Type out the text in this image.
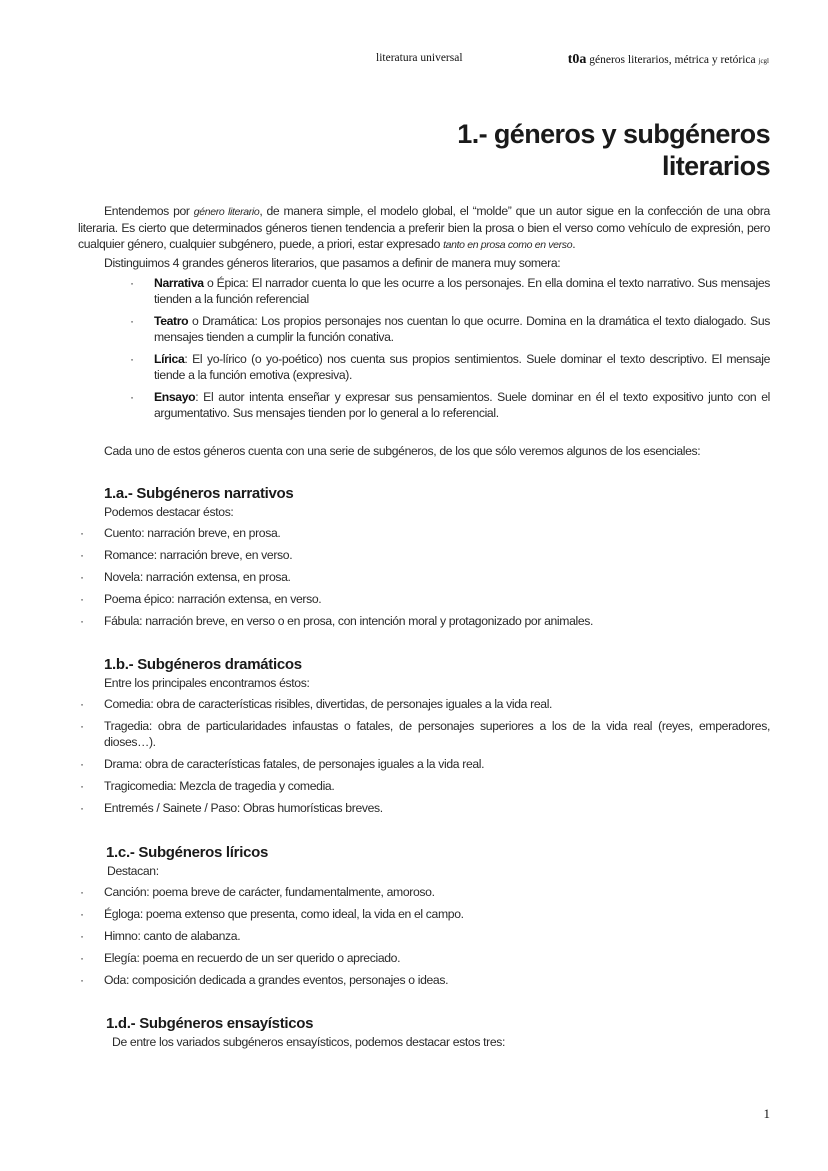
literatura universal	t0a géneros literarios, métrica y retórica jcgl
1.- géneros y subgéneros
literarios

Entendemos por género literario, de manera simple, el modelo global, el “molde” que un autor sigue en la confección de una obra literaria. Es cierto que determinados géneros tienen tendencia a preferir bien la prosa o bien el verso como vehículo de expresión, pero cualquier género, cualquier subgénero, puede, a priori, estar expresado tanto en prosa como en verso.

Distinguimos 4 grandes géneros literarios, que pasamos a definir de manera muy somera:

· Narrativa o Épica: El narrador cuenta lo que les ocurre a los personajes. En ella domina el texto narrativo. Sus mensajes tienden a la función referencial
· Teatro o Dramática: Los propios personajes nos cuentan lo que ocurre. Domina en la dramática el texto dialogado. Sus mensajes tienden a cumplir la función conativa.
· Lírica: El yo-lírico (o yo-poético) nos cuenta sus propios sentimientos. Suele dominar el texto descriptivo. El mensaje tiende a la función emotiva (expresiva).
· Ensayo: El autor intenta enseñar y expresar sus pensamientos. Suele dominar en él el texto expositivo junto con el argumentativo. Sus mensajes tienden por lo general a lo referencial.

Cada uno de estos géneros cuenta con una serie de subgéneros, de los que sólo veremos algunos de los esenciales:

1.a.- Subgéneros narrativos
Podemos destacar éstos:
· Cuento: narración breve, en prosa.
· Romance: narración breve, en verso.
· Novela: narración extensa, en prosa.
· Poema épico: narración extensa, en verso.
· Fábula: narración breve, en verso o en prosa, con intención moral y protagonizado por animales.
1.b.- Subgéneros dramáticos
Entre los principales encontramos éstos:
· Comedia: obra de características risibles, divertidas, de personajes iguales a la vida real.
· Tragedia: obra de particularidades infaustas o fatales, de personajes superiores a los de la vida real (reyes, emperadores, dioses…).
· Drama: obra de características fatales, de personajes iguales a la vida real.
· Tragicomedia: Mezcla de tragedia y comedia.
· Entremés / Sainete / Paso: Obras humorísticas breves.
1.c.- Subgéneros líricos
Destacan:
· Canción: poema breve de carácter, fundamentalmente, amoroso.
· Égloga: poema extenso que presenta, como ideal, la vida en el campo.
· Himno: canto de alabanza.
· Elegía: poema en recuerdo de un ser querido o apreciado.
· Oda: composición dedicada a grandes eventos, personajes o ideas.
1.d.- Subgéneros ensayísticos
De entre los variados subgéneros ensayísticos, podemos destacar estos tres:
1
